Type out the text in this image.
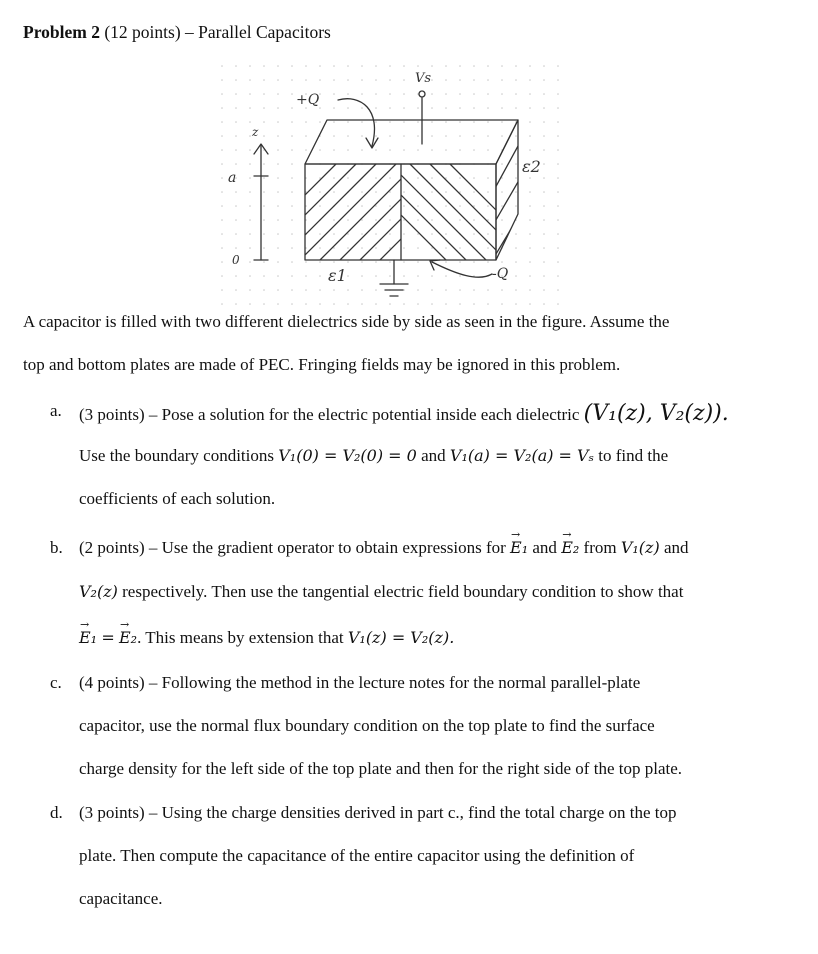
Problem 2 (12 points) – Parallel Capacitors
Vs
+Q
-Q
ε1
ε2
z
a
0
A capacitor is filled with two different dielectrics side by side as seen in the figure. Assume the
top and bottom plates are made of PEC. Fringing fields may be ignored in this problem.
a. (3 points) – Pose a solution for the electric potential inside each dielectric (V₁(z), V₂(z)).
Use the boundary conditions V₁(0) = V₂(0) = 0 and V₁(a) = V₂(a) = Vₛ to find the
coefficients of each solution.
b. (2 points) – Use the gradient operator to obtain expressions for → E₁ and → E₂ from V₁(z) and
V₂(z) respectively. Then use the tangential electric field boundary condition to show that
→ E₁ = → E₂. This means by extension that V₁(z) = V₂(z).
c. (4 points) – Following the method in the lecture notes for the normal parallel-plate
capacitor, use the normal flux boundary condition on the top plate to find the surface
charge density for the left side of the top plate and then for the right side of the top plate.
d. (3 points) – Using the charge densities derived in part c., find the total charge on the top
plate. Then compute the capacitance of the entire capacitor using the definition of
capacitance.
